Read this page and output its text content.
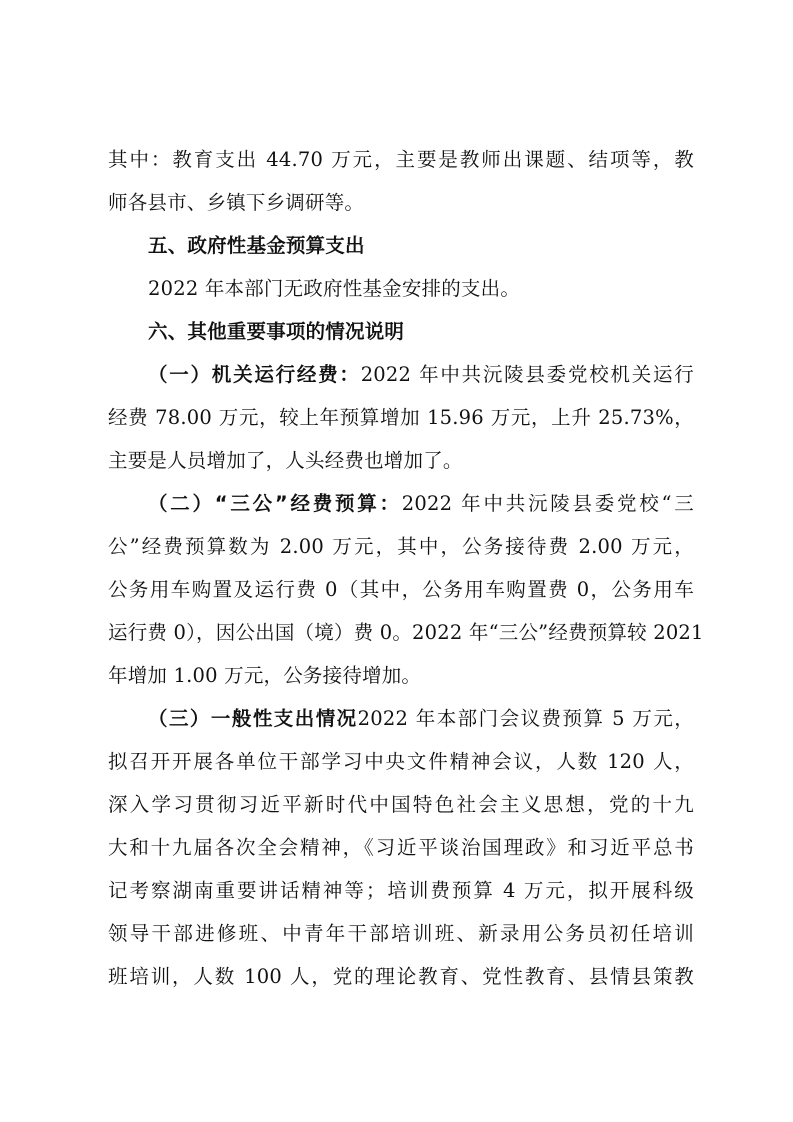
其中：教育支出 44.70 万元，主要是教师出课题、结项等，教
师各县市、乡镇下乡调研等。
五、政府性基金预算支出
2022 年本部门无政府性基金安排的支出。
六、其他重要事项的情况说明
（一）机关运行经费：2022 年中共沅陵县委党校机关运行
经费 78.00 万元，较上年预算增加 15.96 万元，上升 25.73%，
主要是人员增加了，人头经费也增加了。
（二）“三公”经费预算：2022 年中共沅陵县委党校“三
公”经费预算数为 2.00 万元，其中，公务接待费 2.00 万元，
公务用车购置及运行费 0（其中，公务用车购置费 0，公务用车
运行费 0），因公出国（境）费 0。2022 年“三公”经费预算较 2021
年增加 1.00 万元，公务接待增加。
（三）一般性支出情况2022 年本部门会议费预算 5 万元，
拟召开开展各单位干部学习中央文件精神会议，人数 120 人，
深入学习贯彻习近平新时代中国特色社会主义思想，党的十九
大和十九届各次全会精神，《习近平谈治国理政》和习近平总书
记考察湖南重要讲话精神等；培训费预算 4 万元，拟开展科级
领导干部进修班、中青年干部培训班、新录用公务员初任培训
班培训，人数 100 人，党的理论教育、党性教育、县情县策教
